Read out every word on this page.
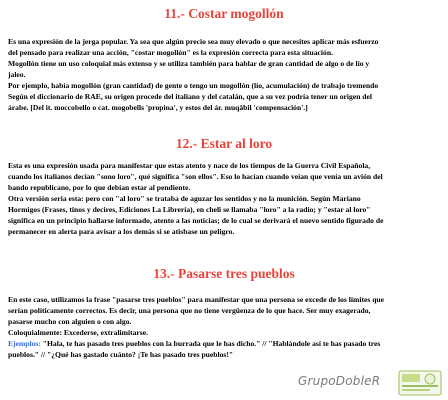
11.- Costar mogollón
Es una expresión de la jerga popular. Ya sea que algún precio sea muy elevado o que necesites aplicar más esfuerzo
del pensado para realizar una acción, "costar mogollón" es la expresión correcta para esta situación.
Mogollón tiene un uso coloquial más extenso y se utiliza también para hablar de gran cantidad de algo o de lío y
jaleo.
Por ejemplo, había mogollón (gran cantidad) de gente o tengo un mogollón (lío, acumulación) de trabajo tremendo
Según el diccionario de RAE, su origen procede del italiano y del catalán, que a su vez podría tener un origen del
árabe. [Del it. moccobello o cat. mogobells 'propina', y estos del ár. muqābil 'compensación'.]
12.- Estar al loro
Esta es una expresión usada para manifestar que estas atento y nace de los tiempos de la Guerra Civil Española,
cuando los italianos decían "sono loro", qué significa "son ellos". Eso lo hacían cuando veían que venía un avión del
bando republicano, por lo que debían estar al pendiente.
Otra versión seria esta: pero con "al loro" se trataba de aguzar los sentidos y no la munición. Según Mariano
Hormigos (Frases, tinos y decires, Ediciones La Librería), en cheli se llamaba "loro" a la radio; y "estar al loro"
significa en un principio hallarse informado, atento a las noticias; de lo cual se derivará el nuevo sentido figurado de
permanecer en alerta para avisar a los demás si se atisbase un peligro.
13.- Pasarse tres pueblos
En este caso, utilizamos la frase "pasarse tres pueblos" para manifestar que una persona se excede de los límites que
serían políticamente correctos. Es decir, una persona que no tiene vergüenza de lo que hace. Ser muy exagerado,
pasarse mucho con alguien o con algo.
Coloquialmente: Excederse, extralimitarse.
Ejemplos: "Hala, te has pasado tres pueblos con la burrada que le has dicho." // "Hablándole así te has pasado tres
pueblos." // "¿Qué has gastado cuánto? ¡Te has pasado tres pueblos!"
GrupoDobleR
